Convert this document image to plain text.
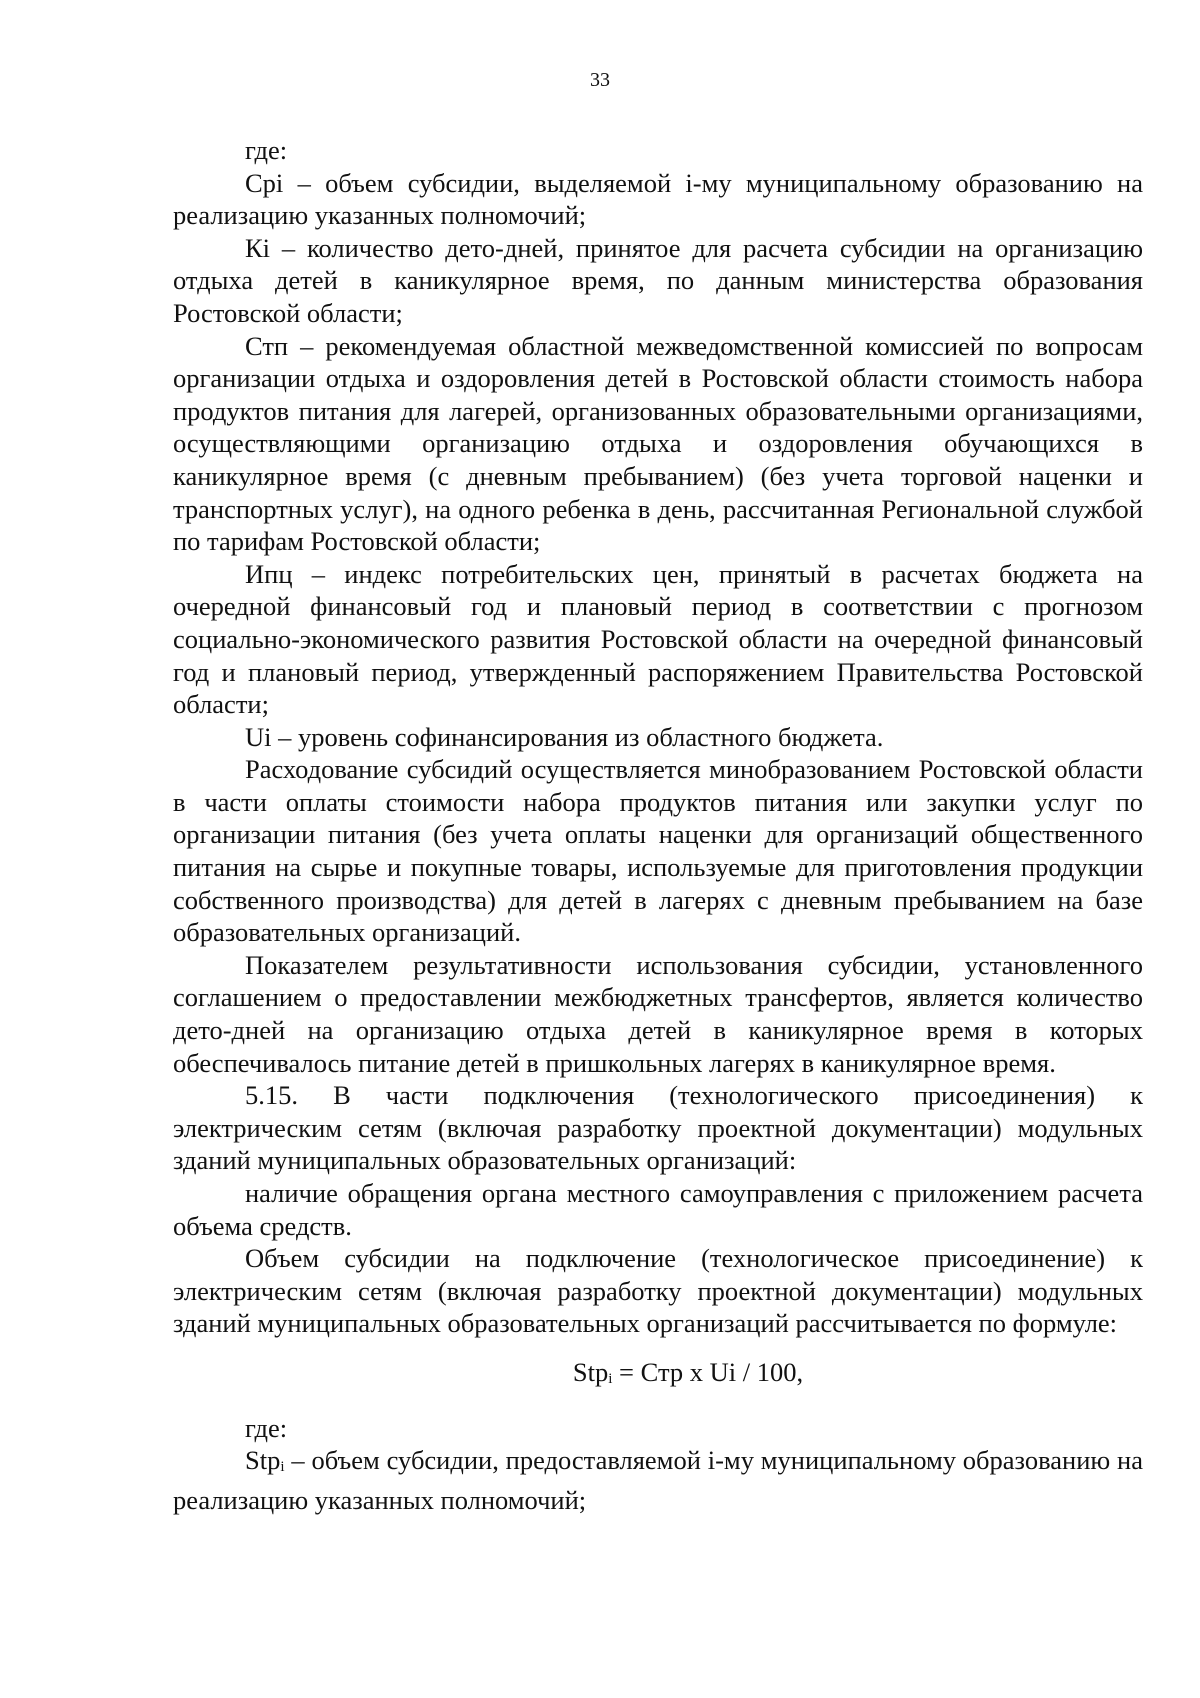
33

где:

Срi – объем субсидии, выделяемой i-му муниципальному образованию на реализацию указанных полномочий;

Кi – количество дето-дней, принятое для расчета субсидии на организацию отдыха детей в каникулярное время, по данным министерства образования Ростовской области;

Стп – рекомендуемая областной межведомственной комиссией по вопросам организации отдыха и оздоровления детей в Ростовской области стоимость набора продуктов питания для лагерей, организованных образовательными организациями, осуществляющими организацию отдыха и оздоровления обучающихся в каникулярное время (с дневным пребыванием) (без учета торговой наценки и транспортных услуг), на одного ребенка в день, рассчитанная Региональной службой по тарифам Ростовской области;

Ипц – индекс потребительских цен, принятый в расчетах бюджета на очередной финансовый год и плановый период в соответствии с прогнозом социально-экономического развития Ростовской области на очередной финансовый год и плановый период, утвержденный распоряжением Правительства Ростовской области;

Ui – уровень софинансирования из областного бюджета.

Расходование субсидий осуществляется минобразованием Ростовской области в части оплаты стоимости набора продуктов питания или закупки услуг по организации питания (без учета оплаты наценки для организаций общественного питания на сырье и покупные товары, используемые для приготовления продукции собственного производства) для детей в лагерях с дневным пребыванием на базе образовательных организаций.

Показателем результативности использования субсидии, установленного соглашением о предоставлении межбюджетных трансфертов, является количество дето-дней на организацию отдыха детей в каникулярное время в которых обеспечивалось питание детей в пришкольных лагерях в каникулярное время.

5.15. В части подключения (технологического присоединения) к электрическим сетям (включая разработку проектной документации) модульных зданий муниципальных образовательных организаций:

наличие обращения органа местного самоуправления с приложением расчета объема средств.

Объем субсидии на подключение (технологическое присоединение) к электрическим сетям (включая разработку проектной документации) модульных зданий муниципальных образовательных организаций рассчитывается по формуле:

Stp$_i$ = Стр х Ui / 100,

где:

Stp$_i$ – объем субсидии, предоставляемой i-му муниципальному образованию на реализацию указанных полномочий;
